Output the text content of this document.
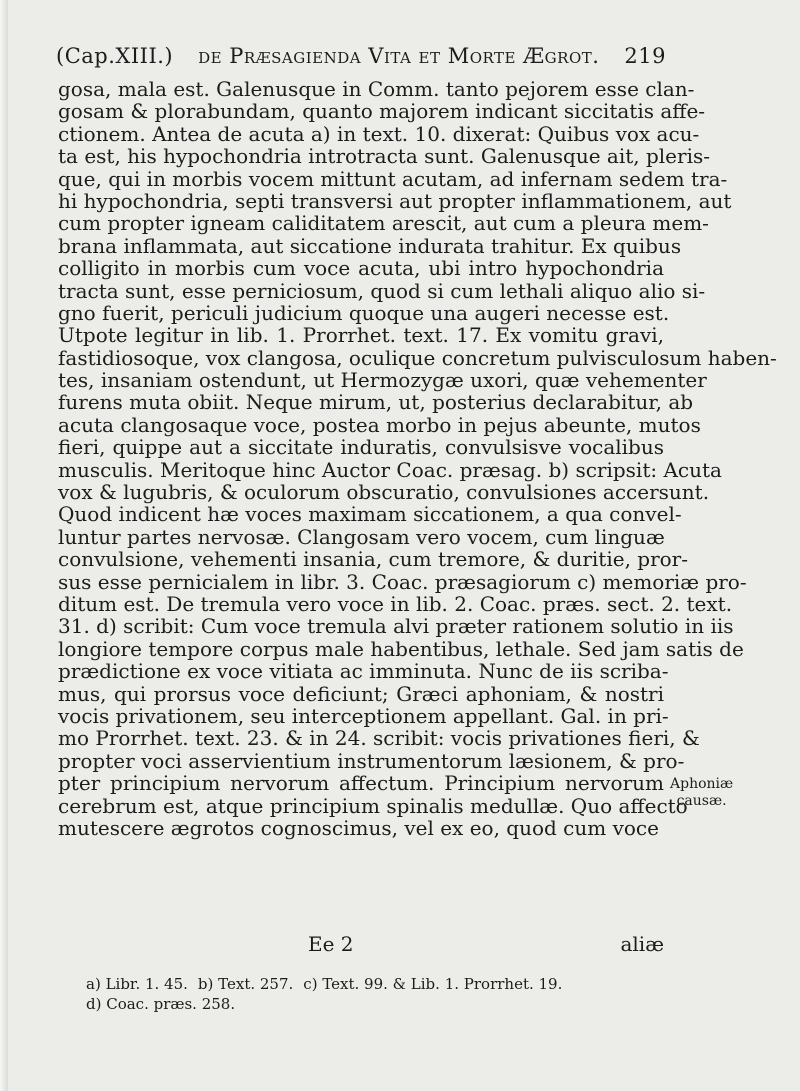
(Cap.XIII.) de Præsagienda Vita et Morte Ægrot. 219
gosa, mala est. Galenusque in Comm. tanto pejorem esse clan-
gosam & plorabundam, quanto majorem indicant siccitatis affe-
ctionem. Antea de acuta a) in text. 10. dixerat: Quibus vox acu-
ta est, his hypochondria introtracta sunt. Galenusque ait, pleris-
que, qui in morbis vocem mittunt acutam, ad infernam sedem tra-
hi hypochondria, septi transversi aut propter inflammationem, aut
cum propter igneam caliditatem arescit, aut cum a pleura mem-
brana inflammata, aut siccatione indurata trahitur. Ex quibus
colligito in morbis cum voce acuta, ubi intro hypochondria
tracta sunt, esse perniciosum, quod si cum lethali aliquo alio si-
gno fuerit, periculi judicium quoque una augeri necesse est.
Utpote legitur in lib. 1. Prorrhet. text. 17. Ex vomitu gravi,
fastidiosoque, vox clangosa, oculique concretum pulvisculosum haben-
tes, insaniam ostendunt, ut Hermozygæ uxori, quæ vehementer
furens muta obiit. Neque mirum, ut, posterius declarabitur, ab
acuta clangosaque voce, postea morbo in pejus abeunte, mutos
fieri, quippe aut a siccitate induratis, convulsisve vocalibus
musculis. Meritoque hinc Auctor Coac. præsag. b) scripsit: Acuta
vox & lugubris, & oculorum obscuratio, convulsiones accersunt.
Quod indicent hæ voces maximam siccationem, a qua convel-
luntur partes nervosæ. Clangosam vero vocem, cum linguæ
convulsione, vehementi insania, cum tremore, & duritie, pror-
sus esse pernicialem in libr. 3. Coac. præsagiorum c) memoriæ pro-
ditum est. De tremula vero voce in lib. 2. Coac. præs. sect. 2. text.
31. d) scribit: Cum voce tremula alvi præter rationem solutio in iis
longiore tempore corpus male habentibus, lethale. Sed jam satis de
prædictione ex voce vitiata ac imminuta. Nunc de iis scriba-
mus, qui prorsus voce deficiunt; Græci aphoniam, & nostri
vocis privationem, seu interceptionem appellant. Gal. in pri-
mo Prorrhet. text. 23. & in 24. scribit: vocis privationes fieri, &
propter voci asservientium instrumentorum læsionem, & pro-
pter principium nervorum affectum. Principium nervorum
cerebrum est, atque principium spinalis medullæ. Quo affecto
mutescere ægrotos cognoscimus, vel ex eo, quod cum voce
Aphoniæ
causæ.
Ee 2	aliæ
a) Libr. 1. 45. b) Text. 257. c) Text. 99. & Lib. 1. Prorrhet. 19.
d) Coac. præs. 258.
